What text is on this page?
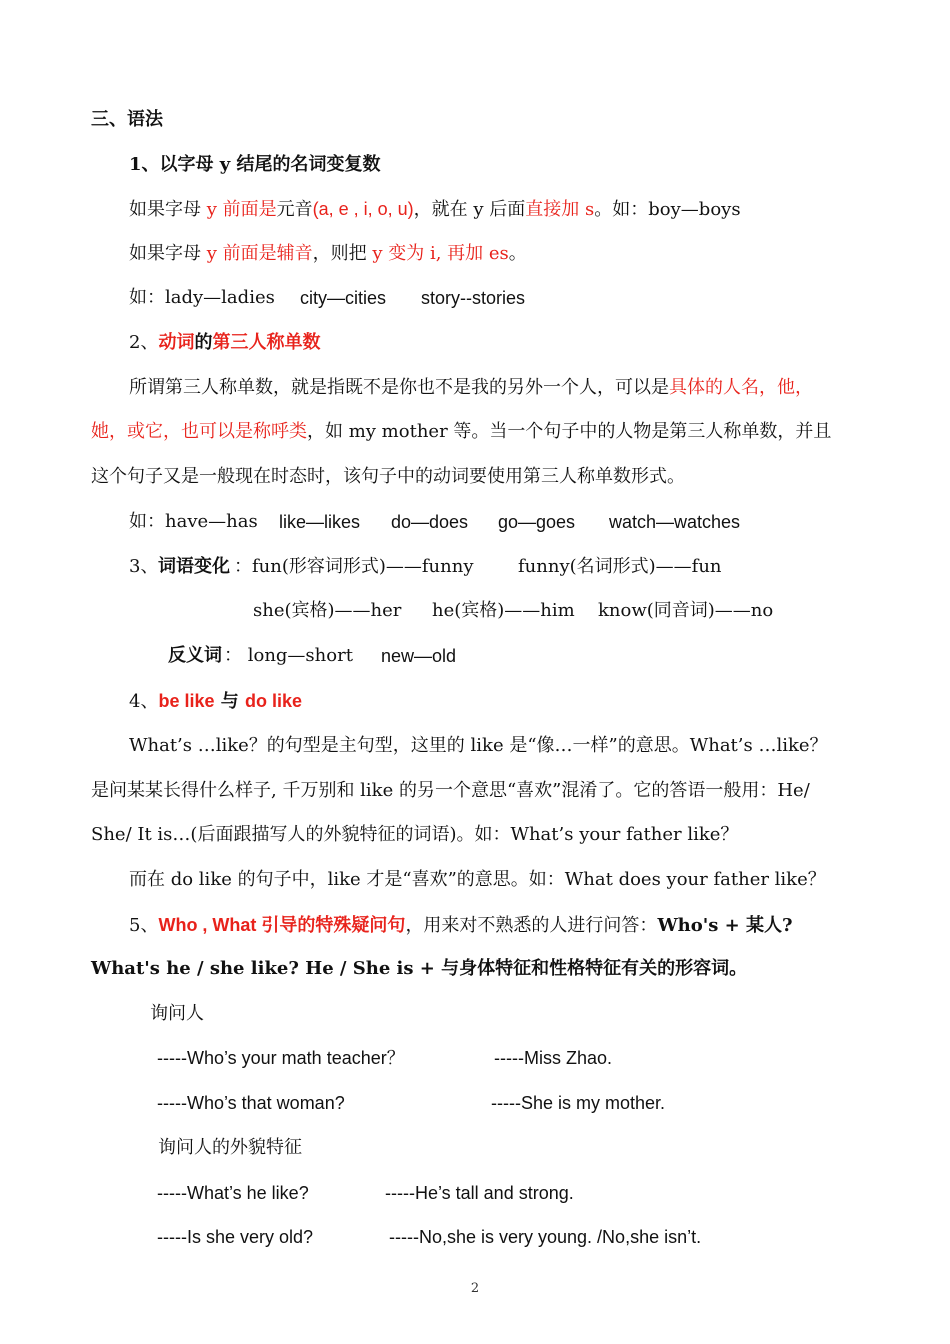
三、语法
1、以字母 y 结尾的名词变复数
如果字母 y 前面是元音(a, e , i, o, u)，就在 y 后面直接加 s。如：boy—boys
如果字母 y 前面是辅音，则把 y 变为 i, 再加 es。
如：lady—ladies city—cities story--stories
2、动词的第三人称单数
所谓第三人称单数，就是指既不是你也不是我的另外一个人，可以是具体的人名，他，
她，或它，也可以是称呼类，如 my mother 等。当一个句子中的人物是第三人称单数，并且
这个句子又是一般现在时态时，该句子中的动词要使用第三人称单数形式。
如：have—has like—likes do—does go—goes watch—watches
3、 词语变化 ：fun(形容词形式)——funny funny(名词形式)——fun
she(宾格)——her he(宾格)——him know(同音词)——no
反义词 ： long—short new—old
4、be like 与 do like
What’s …like？的句型是主句型，这里的 like 是“像…一样”的意思。What’s …like？
是问某某长得什么样子, 千万别和 like 的另一个意思“喜欢”混淆了。它的答语一般用：He/
She/ It is…(后面跟描写人的外貌特征的词语)。如：What’s your father like？
而在 do like 的句子中，like 才是“喜欢”的意思。如：What does your father like？
5、Who , What 引导的特殊疑问句，用来对不熟悉的人进行问答：Who's + 某人?
What's he / she like? He / She is + 与身体特征和性格特征有关的形容词。
询问人
-----Who’s your math teacher？	-----Miss Zhao.
-----Who’s that woman?	-----She is my mother.
询问人的外貌特征
-----What’s he like?	-----He’s tall and strong.
-----Is she very old?	-----No,she is very young. /No,she isn’t.
2
